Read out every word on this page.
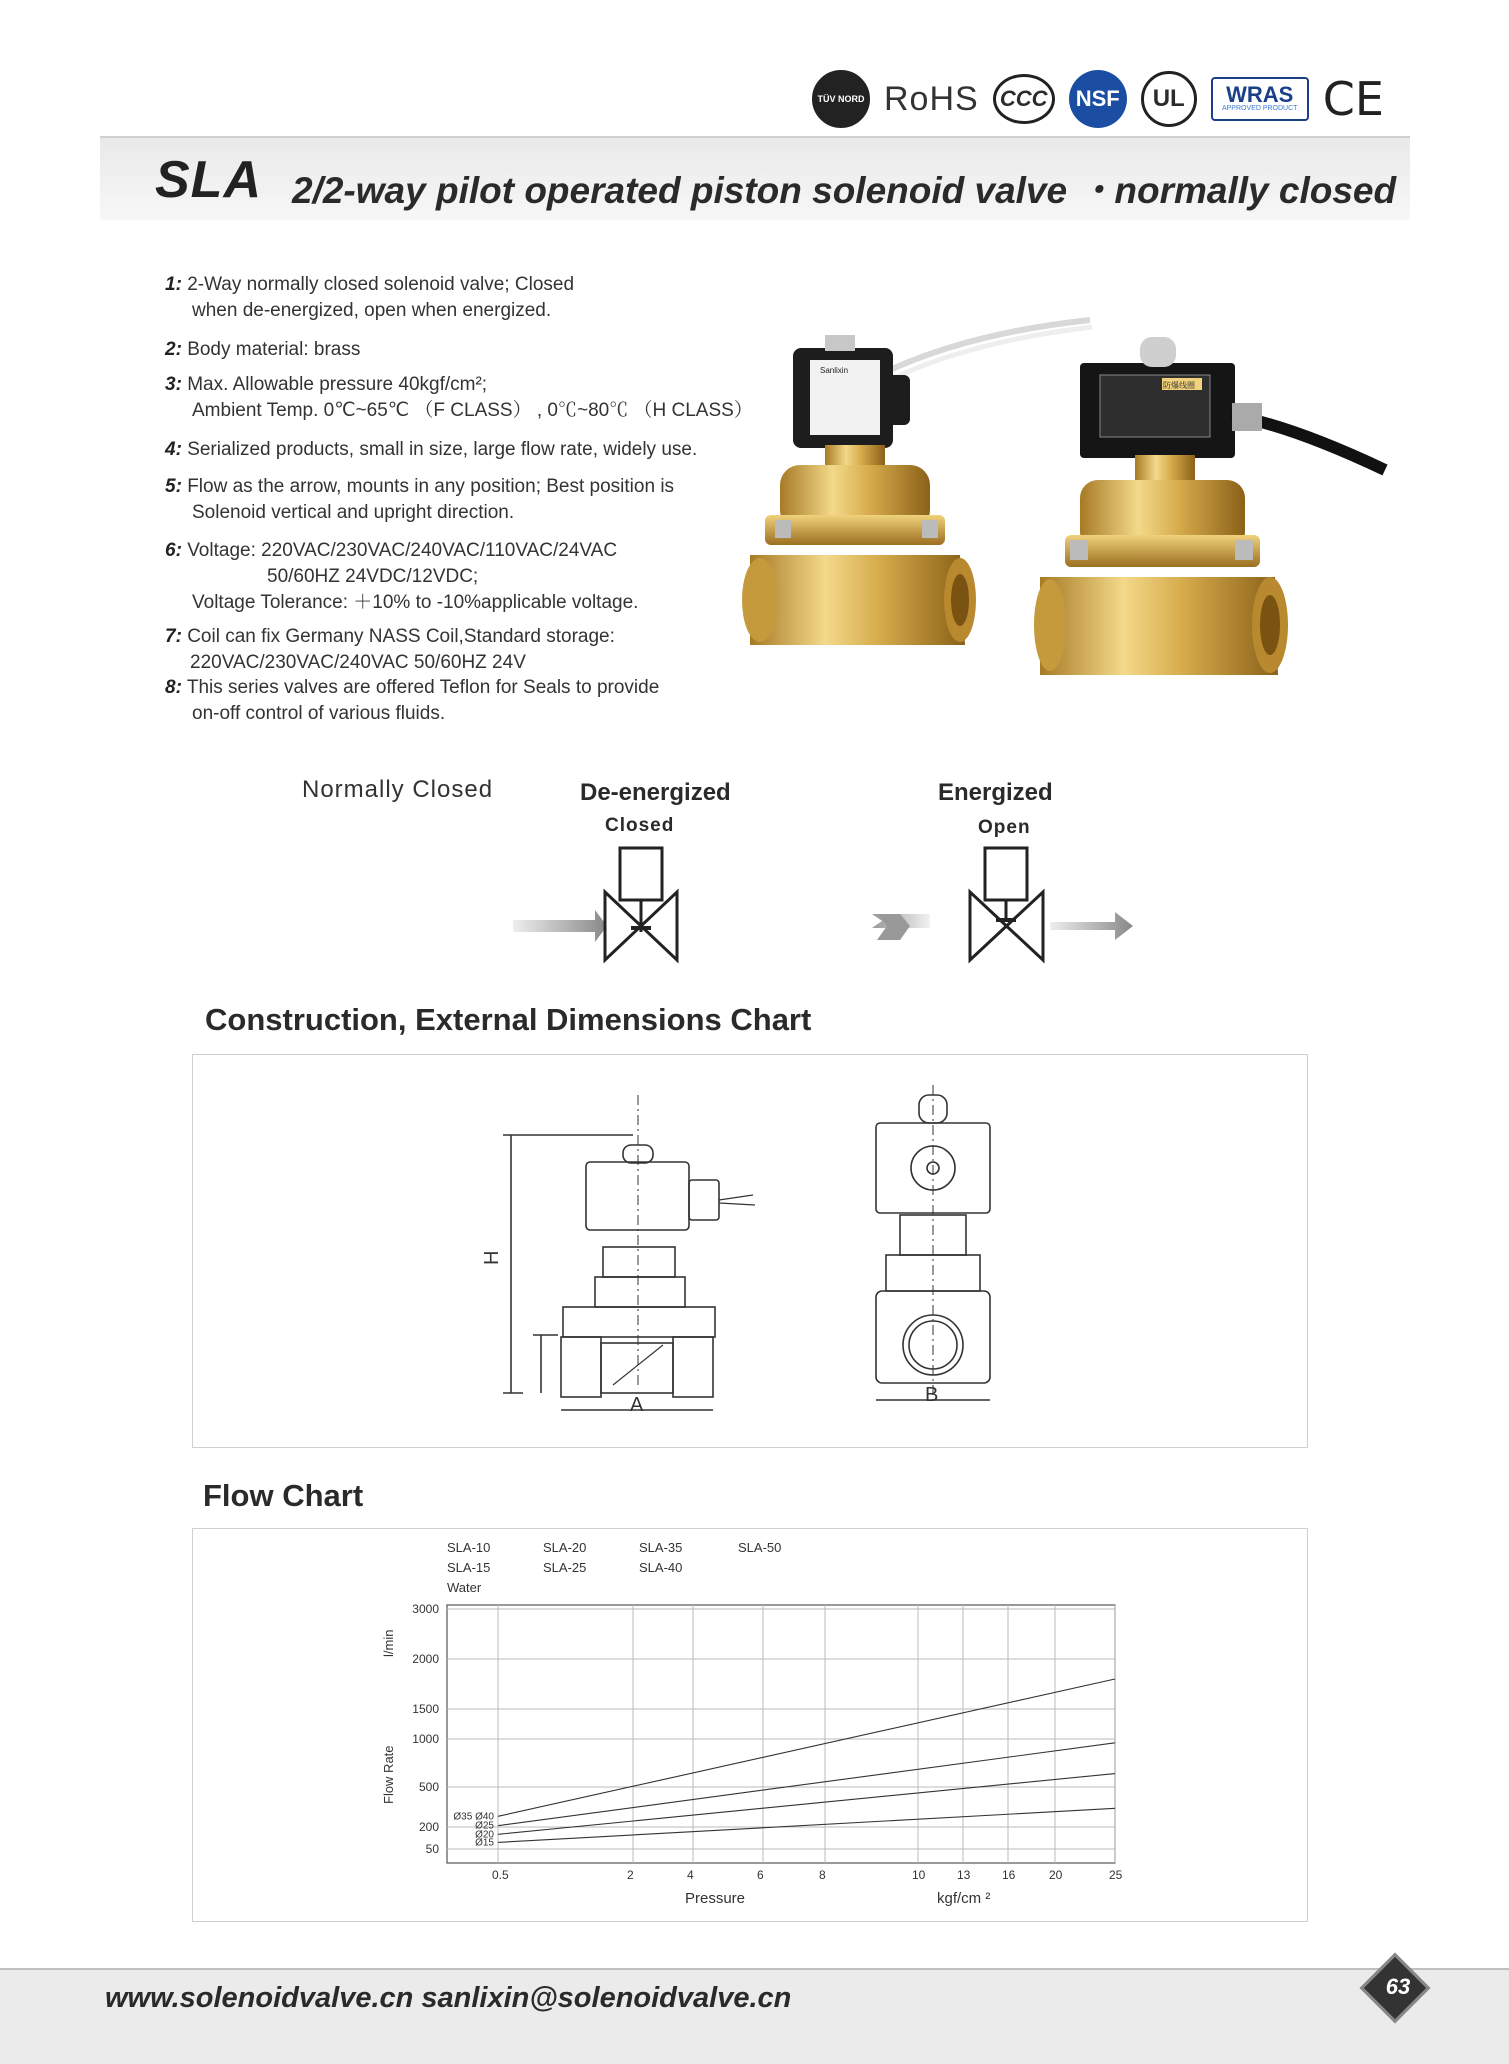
TÜV NORD RoHS CCC	NSF	UL	WRAS
APPROVED PRODUCT CE
SLA 2/2-way pilot operated piston solenoid valve ・normally closed
1: 2-Way normally closed solenoid valve; Closed
when de-energized, open when energized.
2: Body material: brass
3: Max. Allowable pressure 40kgf/cm²;
Ambient Temp. 0℃~65℃ （F CLASS） , 0℃~80℃ （H CLASS）
4: Serialized products, small in size, large flow rate, widely use.
5: Flow as the arrow, mounts in any position; Best position is
Solenoid vertical and upright direction.
6: Voltage: 220VAC/230VAC/240VAC/110VAC/24VAC
50/60HZ 24VDC/12VDC;
Voltage Tolerance: ＋10% to -10%applicable voltage.
7: Coil can fix Germany NASS Coil,Standard storage:
220VAC/230VAC/240VAC 50/60HZ 24V
8: This series valves are offered Teflon for Seals to provide
on-off control of various fluids.
Sanlixin
防爆线圈
Normally Closed	De-energized
Closed
Energized
Open
Construction, External Dimensions Chart
H
A	B
Flow Chart
SLA-10
SLA-15
SLA-20
SLA-25
SLA-35
SLA-40
SLA-50
Water
l/min
Flow Rate
Ø35 Ø40
Ø25
Ø20
Ø15
0.5	2	4	6	8	10	13	16	20	25
50
200
500
1000
1500
2000
3000
Pressure	kgf/cm ²
www.solenoidvalve.cn sanlixin@solenoidvalve.cn	63
